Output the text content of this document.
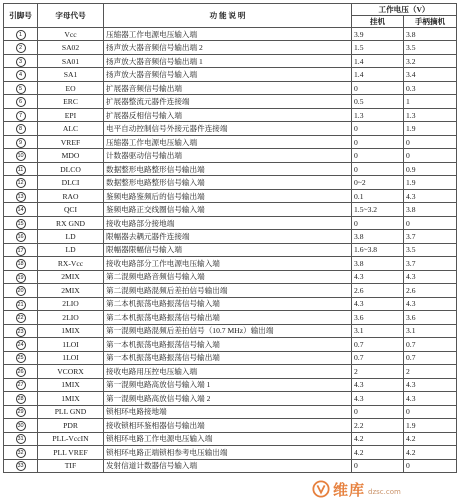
引脚号	字母代号	功 能 说 明	工作电压（V）	
			挂机	手柄摘机
1	Vcc	压缩器工作电源电压输入端	3.9	3.8
2	SA02	扬声放大器音频信号输出端 2	1.5	3.5
3	SA01	扬声放大器音频信号输出端 1	1.4	3.2
4	SA1	扬声放大器音频信号输入端	1.4	3.4
5	EO	扩展器音频信号输出端	0	0.3
6	ERC	扩展器整流元器件连接端	0.5	1
7	EPI	扩展器反相信号输入端	1.3	1.3
8	ALC	电平自动控制信号外接元器件连接端	0	1.9
9	VREF	压缩器工作电源电压输入端	0	0
10	MDO	计数器驱动信号输出端	0	0
11	DLCO	数据整形电路整形信号输出端	0	0.9
12	DLCI	数据整形电路整形信号输入端	0~2	1.9
13	RAO	鉴频电路鉴频后的信号输出端	0.1	4.3
14	QCI	鉴频电路正交线圈信号输入端	1.5~3.2	3.8
15	RX GND	接收电路部分接地端	0	0
16	LD	限幅器去耦元器件连接端	3.8	3.7
17	LD	限幅器限幅信号输入端	1.6~3.8	3.5
18	RX-Vcc	接收电路部分工作电源电压输入端	3.8	3.7
19	2MIX	第二混频电路音频信号输入端	4.3	4.3
20	2MIX	第二混频电路混频后差拍信号输出端	2.6	2.6
21	2LIO	第二本机振荡电路振荡信号输入端	4.3	4.3
22	2LIO	第二本机振荡电路振荡信号输出端	3.6	3.6
23	1MIX	第一混频电路混频后差拍信号（10.7 MHz）输出端	3.1	3.1
24	1LOI	第一本机振荡电路振荡信号输入端	0.7	0.7
25	1LOI	第一本机振荡电路振荡信号输出端	0.7	0.7
26	VCORX	接收电路用压控电压输入端	2	2
27	1MIX	第一混频电路高放信号输入端 1	4.3	4.3
28	1MIX	第一混频电路高放信号输入端 2	4.3	4.3
29	PLL GND	锁相环电路接地端	0	0
30	PDR	接收锁相环鉴相器信号输出端	2.2	1.9
31	PLL-VccIN	锁相环电路工作电源电压输入端	4.2	4.2
32	PLL VREF	锁相环电路正端锁相参考电压输出端	4.2	4.2
33	TIF	发射信道计数器信号输入端	0	0
维库 dzsc.com
